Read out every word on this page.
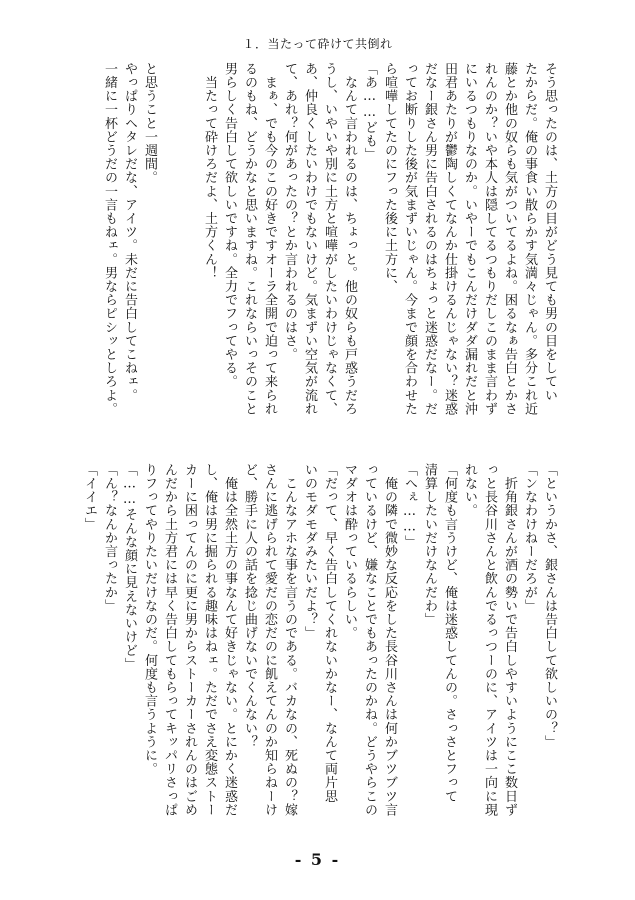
１．当たって砕けて共倒れ
そう思ったのは、土方の目がどう見ても男の目をしてい
たからだ。俺の事食い散らかす気満々じゃん。多分これ近
藤とか他の奴らも気がついてるよね。困るなぁ告白とかさ
れんのか？いや本人は隠してるつもりだしこのまま言わず
にいるつもりなのか。いやーでもこんだけダダ漏れだと沖
田君あたりが鬱陶しくてなんか仕掛けるんじゃない？迷惑
だなー銀さん男に告白されるのはちょっと迷惑だなー。だ
ってお断りした後が気まずいじゃん。今まで顔を合わせた
ら喧嘩してたのにフった後に土方に、
「あ……ども」
　なんて言われるのは、ちょっと。他の奴らも戸惑うだろ
うし、いやいや別に土方と喧嘩がしたいわけじゃなくて、
あ、仲良くしたいわけでもないけど。気まずい空気が流れ
て、あれ？何があったの？とか言われるのはさ。
　まぁ、でも今のこの好きですオーラ全開で迫って来られ
るのもね、どうかなと思いますね。これならいっそのこと
男らしく告白して欲しいですね。全力でフってやる。
　当たって砕けろだよ、土方くん！
と思うこと一週間。
やっぱりヘタレだな、アイツ。未だに告白してこねェ。
一緒に一杯どうだの一言もねェ。男ならピシッとしろよ。
「というかさ、銀さんは告白して欲しいの？」
「ンなわけねーだろが」
　折角銀さんが酒の勢いで告白しやすいようにここ数日ず
っと長谷川さんと飲んでるっつーのに、アイツは一向に現
れない。
「何度も言うけど、俺は迷惑してんの。さっさとフって
清算したいだけなんだわ」
「へぇ……」
　俺の隣で微妙な反応をした長谷川さんは何かブツブツ言
っているけど、嫌なことでもあったのかね。どうやらこの
マダオは酔っているらしい。
「だって、早く告白してくれないかなー、なんて両片思
いのモダモダみたいだよ？」
　こんなアホな事を言うのである。バカなの、死ぬの？嫁
さんに逃げられて愛だの恋だのに飢えてんのか知らねーけ
ど、勝手に人の話を捻じ曲げないでくんない？
　俺は全然土方の事なんて好きじゃない。とにかく迷惑だ
し、俺は男に掘られる趣味はねェ。ただでさえ変態ストー
カーに困ってんのに更に男からストーカーされんのはごめ
んだから土方君には早く告白してもらってキッパリさっぱ
りフってやりたいだけなのだ。何度も言うように。
「……そんな顔に見えないけど」
「ん？なんか言ったか」
「イイエ」
- 5 -
